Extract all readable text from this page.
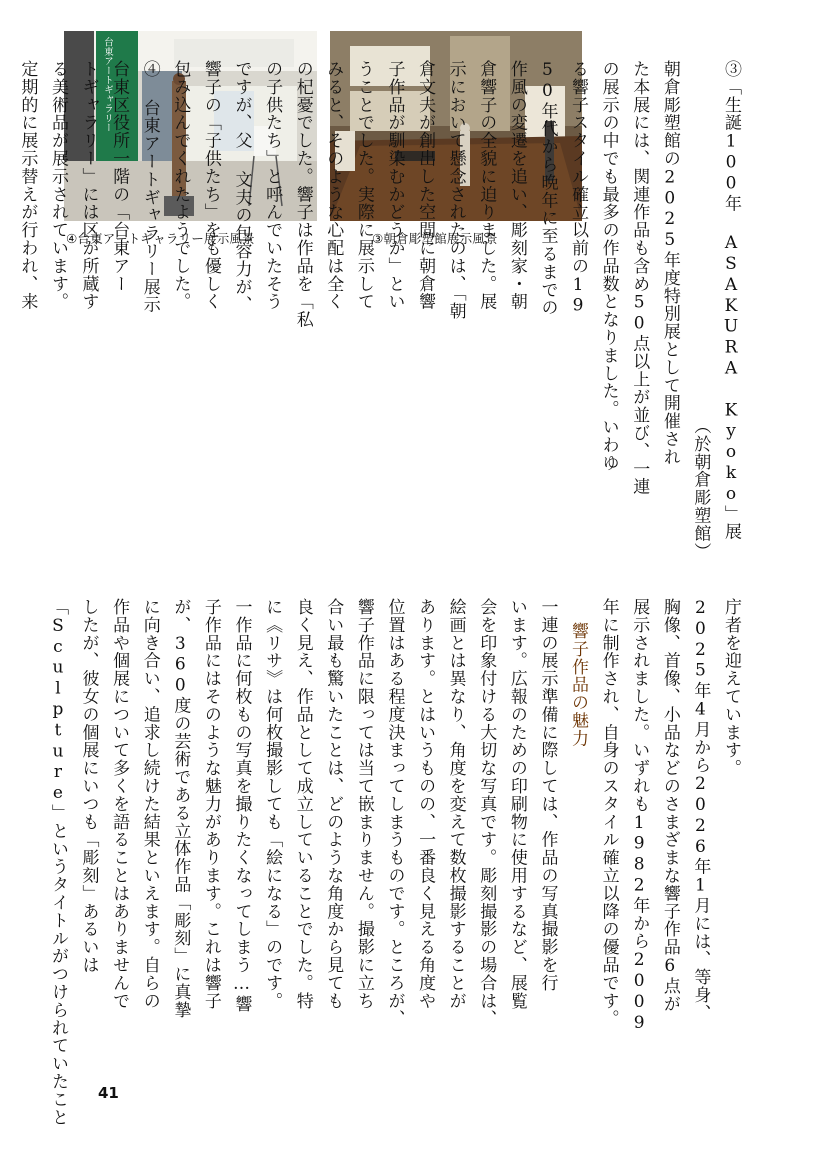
台東アートギャラリー
④台東アートギャラリー展示風景	③朝倉彫塑館展示風景	③「生誕100年 ASAKURA Kyoko」展

（於朝倉彫塑館）

朝倉彫塑館の2025年度特別展として開催され

た本展には、関連作品も含め50点以上が並び、一連

の展示の中でも最多の作品数となりました。いわゆ

る響子スタイル確立以前の19

50年代から晩年に至るまでの

作風の変遷を追い、彫刻家・朝

倉響子の全貌に迫りました。展

示において懸念されたのは、「朝

倉文夫が創出した空間に朝倉響

子作品が馴染むかどうか」とい

うことでした。実際に展示して

みると、そのような心配は全く

の杞憂でした。響子は作品を「私

の子供たち」と呼んでいたそう

ですが、父 文夫の包容力が、

響子の「子供たち」をも優しく

包み込んでくれたようでした。

④ 台東アートギャラリー展示

台東区役所一階の「台東アー

トギャラリー」には区が所蔵す

る美術品が展示されています。

定期的に展示替えが行われ、来

庁者を迎えています。

2025年4月から2026年1月には、等身、

胸像、首像、小品などのさまざまな響子作品6点が

展示されました。いずれも1982年から2009

年に制作され、自身のスタイル確立以降の優品です。

響子作品の魅力

一連の展示準備に際しては、作品の写真撮影を行

います。広報のための印刷物に使用するなど、展覧

会を印象付ける大切な写真です。彫刻撮影の場合は、

絵画とは異なり、角度を変えて数枚撮影することが

あります。とはいうものの、一番良く見える角度や

位置はある程度決まってしまうものです。ところが、

響子作品に限っては当て嵌まりません。撮影に立ち

合い最も驚いたことは、どのような角度から見ても

良く見え、作品として成立していることでした。特

に《リサ》は何枚撮影しても「絵になる」のです。

一作品に何枚もの写真を撮りたくなってしまう…響

子作品にはそのような魅力があります。これは響子

が、360度の芸術である立体作品「彫刻」に真摯

に向き合い、追求し続けた結果といえます。自らの

作品や個展について多くを語ることはありませんで

したが、彼女の個展にいつも「彫刻」あるいは

「Sculpture」というタイトルがつけられていたこと	41
